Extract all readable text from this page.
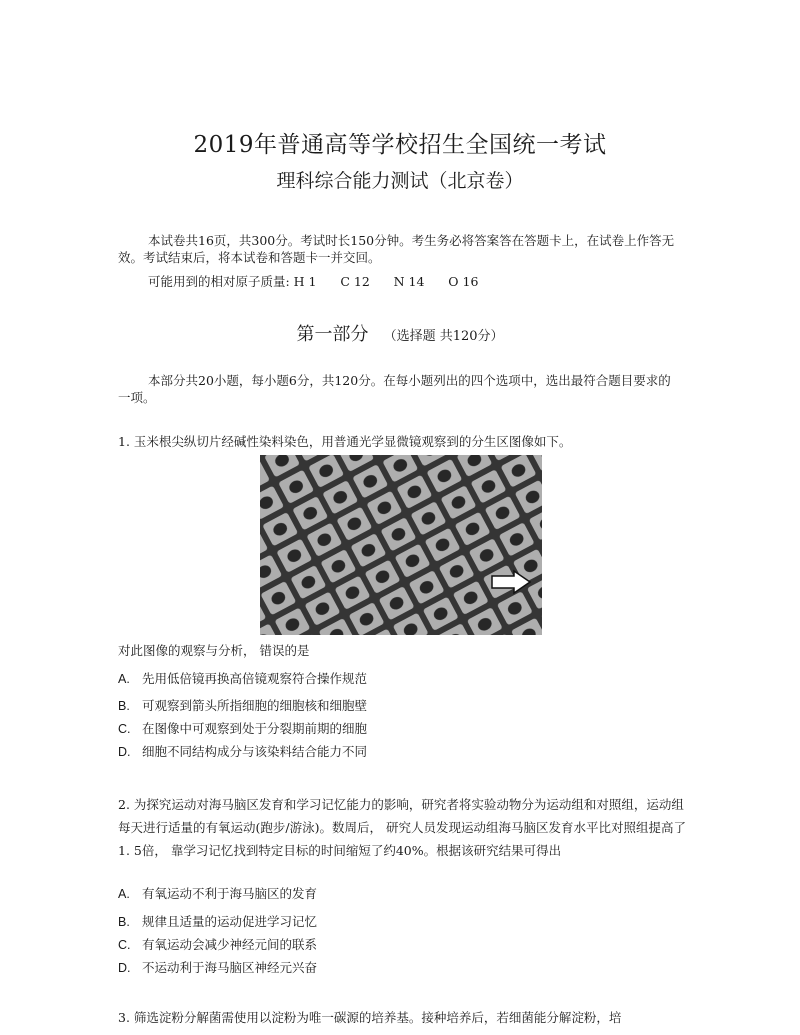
2019年普通高等学校招生全国统一考试
理科综合能力测试（北京卷）
本试卷共16页，共300分。考试时长150分钟。考生务必将答案答在答题卡上，在试卷上作答无效。考试结束后，将本试卷和答题卡一并交回。
可能用到的相对原子质量: H 1      C 12      N 14      O 16
第一部分 （选择题 共120分）
本部分共20小题，每小题6分，共120分。在每小题列出的四个选项中，选出最符合题目要求的一项。
1. 玉米根尖纵切片经碱性染料染色，用普通光学显微镜观察到的分生区图像如下。
对此图像的观察与分析， 错误的是
A. 先用低倍镜再换高倍镜观察符合操作规范
B. 可观察到箭头所指细胞的细胞核和细胞壁
C. 在图像中可观察到处于分裂期前期的细胞
D. 细胞不同结构成分与该染料结合能力不同
2. 为探究运动对海马脑区发育和学习记忆能力的影响，研究者将实验动物分为运动组和对照组，运动组每天进行适量的有氧运动(跑步/游泳)。数周后， 研究人员发现运动组海马脑区发育水平比对照组提高了1. 5倍， 靠学习记忆找到特定目标的时间缩短了约40%。根据该研究结果可得出
A. 有氧运动不利于海马脑区的发育
B. 规律且适量的运动促进学习记忆
C. 有氧运动会减少神经元间的联系
D. 不运动利于海马脑区神经元兴奋
3. 筛选淀粉分解菌需使用以淀粉为唯一碳源的培养基。接种培养后，若细菌能分解淀粉，培
